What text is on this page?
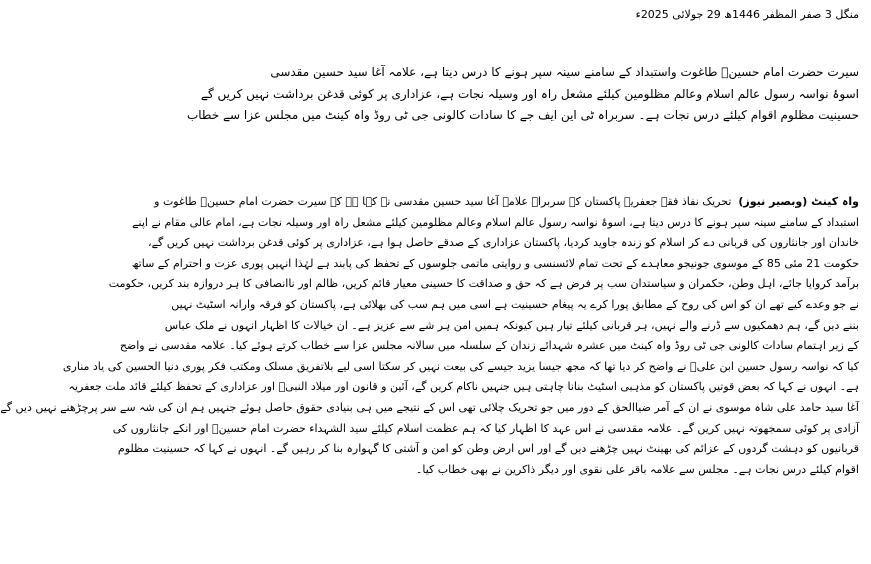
منگل 3 صفر المظفر 1446ھ 29 جولائی 2025ء
سیرت حضرت امام حسینؑ طاغوت واستبداد کے سامنے سینہ سپر ہونے کا درس دیتا ہے، علامہ آغا سید حسین مقدسی
اسوۂ نواسہ رسول عالم اسلام وعالم مظلومین کیلئے مشعل راہ اور وسیلہ نجات ہے، عزاداری پر کوئی قدغن برداشت نہیں کریں گے
حسینیت مظلوم اقوام کیلئے درس نجات ہے۔ سربراہ ٹی این ایف جے کا سادات کالونی جی ٹی روڈ واہ کینٹ میں مجلس عزا سے خطاب
واہ کینٹ (وبصیر نیوز)  تحریک نفاذ فقہ جعفریہ پاکستان کے سربراہ علامہ آغا سید حسین مقدسی نے کہا ہے کہ سیرت حضرت امام حسینؑ طاغوت و
استبداد کے سامنے سینہ سپر ہونے کا درس دیتا ہے، اسوۂ نواسہ رسول عالم اسلام وعالم مظلومین کیلئے مشعل راہ اور وسیلہ نجات ہے، امام عالی مقام نے اپنے
خاندان اور جانثاروں کی قربانی دے کر اسلام کو زندہ جاوید کردیا، پاکستان عزاداری کے صدقے حاصل ہوا ہے، عزاداری پر کوئی قدغن برداشت نہیں کریں گے،
حکومت 21 مئی 85 کے موسوی جونیجو معاہدے کے تحت تمام لائسنسی و روایتی ماتمی جلوسوں کے تحفظ کی پابند ہے لہٰذا انہیں پوری عزت و احترام کے ساتھ
برآمد کروایا جائے، اہل وطن، حکمران و سیاستدان سب پر فرض ہے کہ حق و صداقت کا حسینی معیار قائم کریں، ظالم اور ناانصافی کا ہر دروازہ بند کریں، حکومت
نے جو وعدے کیے تھے ان کو اس کی روح کے مطابق پورا کرے یہ پیغام حسینیت ہے اسی میں ہم سب کی بھلائی ہے، پاکستان کو فرقہ وارانہ اسٹیٹ نہیں
بننے دیں گے، ہم دھمکیوں سے ڈرنے والے نہیں، ہر قربانی کیلئے تیار ہیں کیونکہ ہمیں امن ہر شے سے عزیز ہے۔ ان خیالات کا اظہار انہوں نے ملک عباس
کے زیر اہتمام سادات کالونی جی ٹی روڈ واہ کینٹ میں عشرہ شہدائے زندان کے سلسلہ میں سالانہ مجلس عزا سے خطاب کرتے ہوئے کیا۔ علامہ مقدسی نے واضح
کیا کہ نواسہ رسول حسین ابن علیؑ نے واضح کر دیا تھا کہ مجھ جیسا یزید جیسے کی بیعت نہیں کر سکتا اسی لیے بلاتفریق مسلک ومکتب فکر پوری دنیا الحسین کی یاد مناری
ہے۔ انہوں نے کہا کہ بعض قوتیں پاکستان کو مذہبی اسٹیٹ بنانا چاہتی ہیں جنہیں ناکام کریں گے، آئین و قانون اور میلاد النبیؐ اور عزاداری کے تحفظ کیلئے قائد ملت جعفریہ
آغا سید حامد علی شاہ موسوی نے ان کے آمر ضیاالحق کے دور میں جو تحریک چلائی تھی اس کے نتیجے میں ہی بنیادی حقوق حاصل ہوئے جنہیں ہم ان کی شہ سے سر پرچڑھنے نہیں دیں گے
آزادی پر کوئی سمجھوتہ نہیں کریں گے۔ علامہ مقدسی نے اس عہد کا اظہار کیا کہ ہم عظمت اسلام کیلئے سید الشہداء حضرت امام حسینؑ اور انکے جانثاروں کی
قربانیوں کو دہشت گردوں کے عزائم کی بھینٹ نہیں چڑھنے دیں گے اور اس ارض وطن کو امن و آشتی کا گہوارہ بنا کر رہیں گے۔ انہوں نے کہا کہ حسینیت مظلوم
اقوام کیلئے درس نجات ہے۔ مجلس سے علامہ باقر علی نقوی اور دیگر ذاکرین نے بھی خطاب کیا۔
